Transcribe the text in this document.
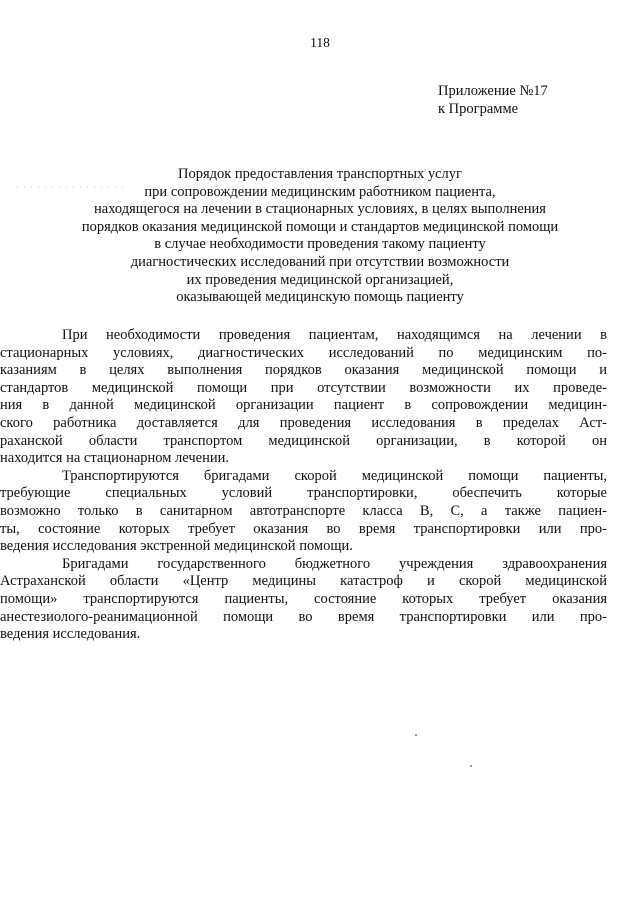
118
Приложение №17
к Программе
Порядок предоставления транспортных услуг
при сопровождении медицинским работником пациента,
находящегося на лечении в стационарных условиях, в целях выполнения
порядков оказания медицинской помощи и стандартов медицинской помощи
в случае необходимости проведения такому пациенту
диагностических исследований при отсутствии возможности
их проведения медицинской организацией,
оказывающей медицинскую помощь пациенту
При необходимости проведения пациентам, находящимся на лечении в
стационарных условиях, диагностических исследований по медицинским по-
казаниям в целях выполнения порядков оказания медицинской помощи и
стандартов медицинской помощи при отсутствии возможности их проведе-
ния в данной медицинской организации пациент в сопровождении медицин-
ского работника доставляется для проведения исследования в пределах Аст-
раханской области транспортом медицинской организации, в которой он
находится на стационарном лечении.
Транспортируются бригадами скорой медицинской помощи пациенты,
требующие специальных условий транспортировки, обеспечить которые
возможно только в санитарном автотранспорте класса В, С, а также пациен-
ты, состояние которых требует оказания во время транспортировки или про-
ведения исследования экстренной медицинской помощи.
Бригадами государственного бюджетного учреждения здравоохранения
Астраханской области «Центр медицины катастроф и скорой медицинской
помощи» транспортируются пациенты, состояние которых требует оказания
анестезиолого-реанимационной помощи во время транспортировки или про-
ведения исследования.
